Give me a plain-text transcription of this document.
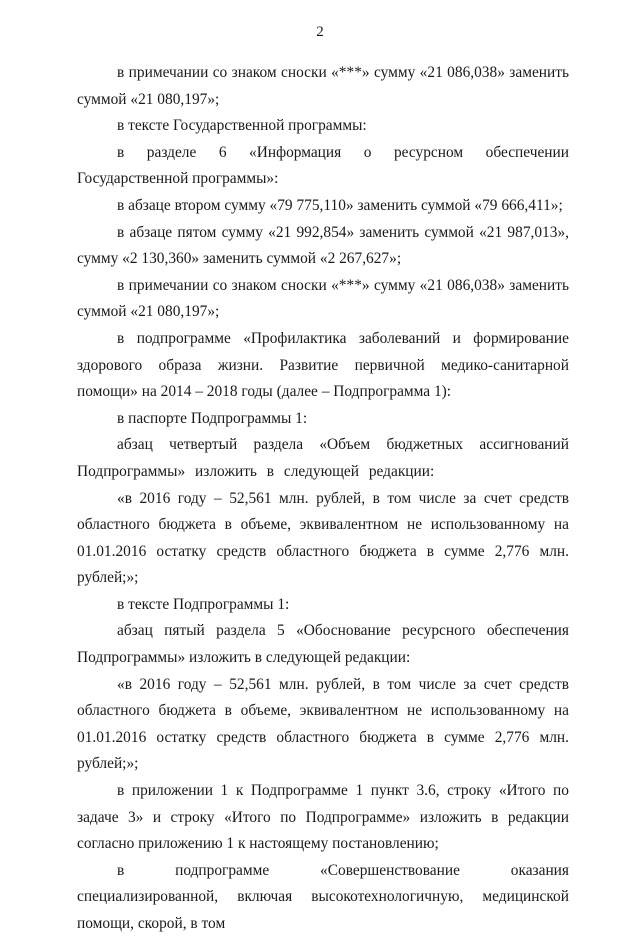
2

в примечании со знаком сноски «***» сумму «21 086,038» заменить суммой «21 080,197»;

в тексте Государственной программы:

в разделе 6 «Информация о ресурсном обеспечении Государственной программы»:

в абзаце втором сумму «79 775,110» заменить суммой «79 666,411»;

в абзаце пятом сумму «21 992,854» заменить суммой «21 987,013», сумму «2 130,360» заменить суммой «2 267,627»;

в примечании со знаком сноски «***» сумму «21 086,038» заменить суммой «21 080,197»;

в подпрограмме «Профилактика заболеваний и формирование здорового образа жизни. Развитие первичной медико-санитарной помощи» на 2014 – 2018 годы (далее – Подпрограмма 1):

в паспорте Подпрограммы 1:

абзац четвертый раздела «Объем бюджетных ассигнований Подпрограммы» изложить в следующей редакции:

«в 2016 году – 52,561 млн. рублей, в том числе за счет средств областного бюджета в объеме, эквивалентном не использованному на 01.01.2016 остатку средств областного бюджета в сумме 2,776 млн. рублей;»;

в тексте Подпрограммы 1:

абзац пятый раздела 5 «Обоснование ресурсного обеспечения Подпрограммы» изложить в следующей редакции:

«в 2016 году – 52,561 млн. рублей, в том числе за счет средств областного бюджета в объеме, эквивалентном не использованному на 01.01.2016 остатку средств областного бюджета в сумме 2,776 млн. рублей;»;

в приложении 1 к Подпрограмме 1 пункт 3.6, строку «Итого по задаче 3» и строку «Итого по Подпрограмме» изложить в редакции согласно приложению 1 к настоящему постановлению;

в подпрограмме «Совершенствование оказания специализированной, включая высокотехнологичную, медицинской помощи, скорой, в том
